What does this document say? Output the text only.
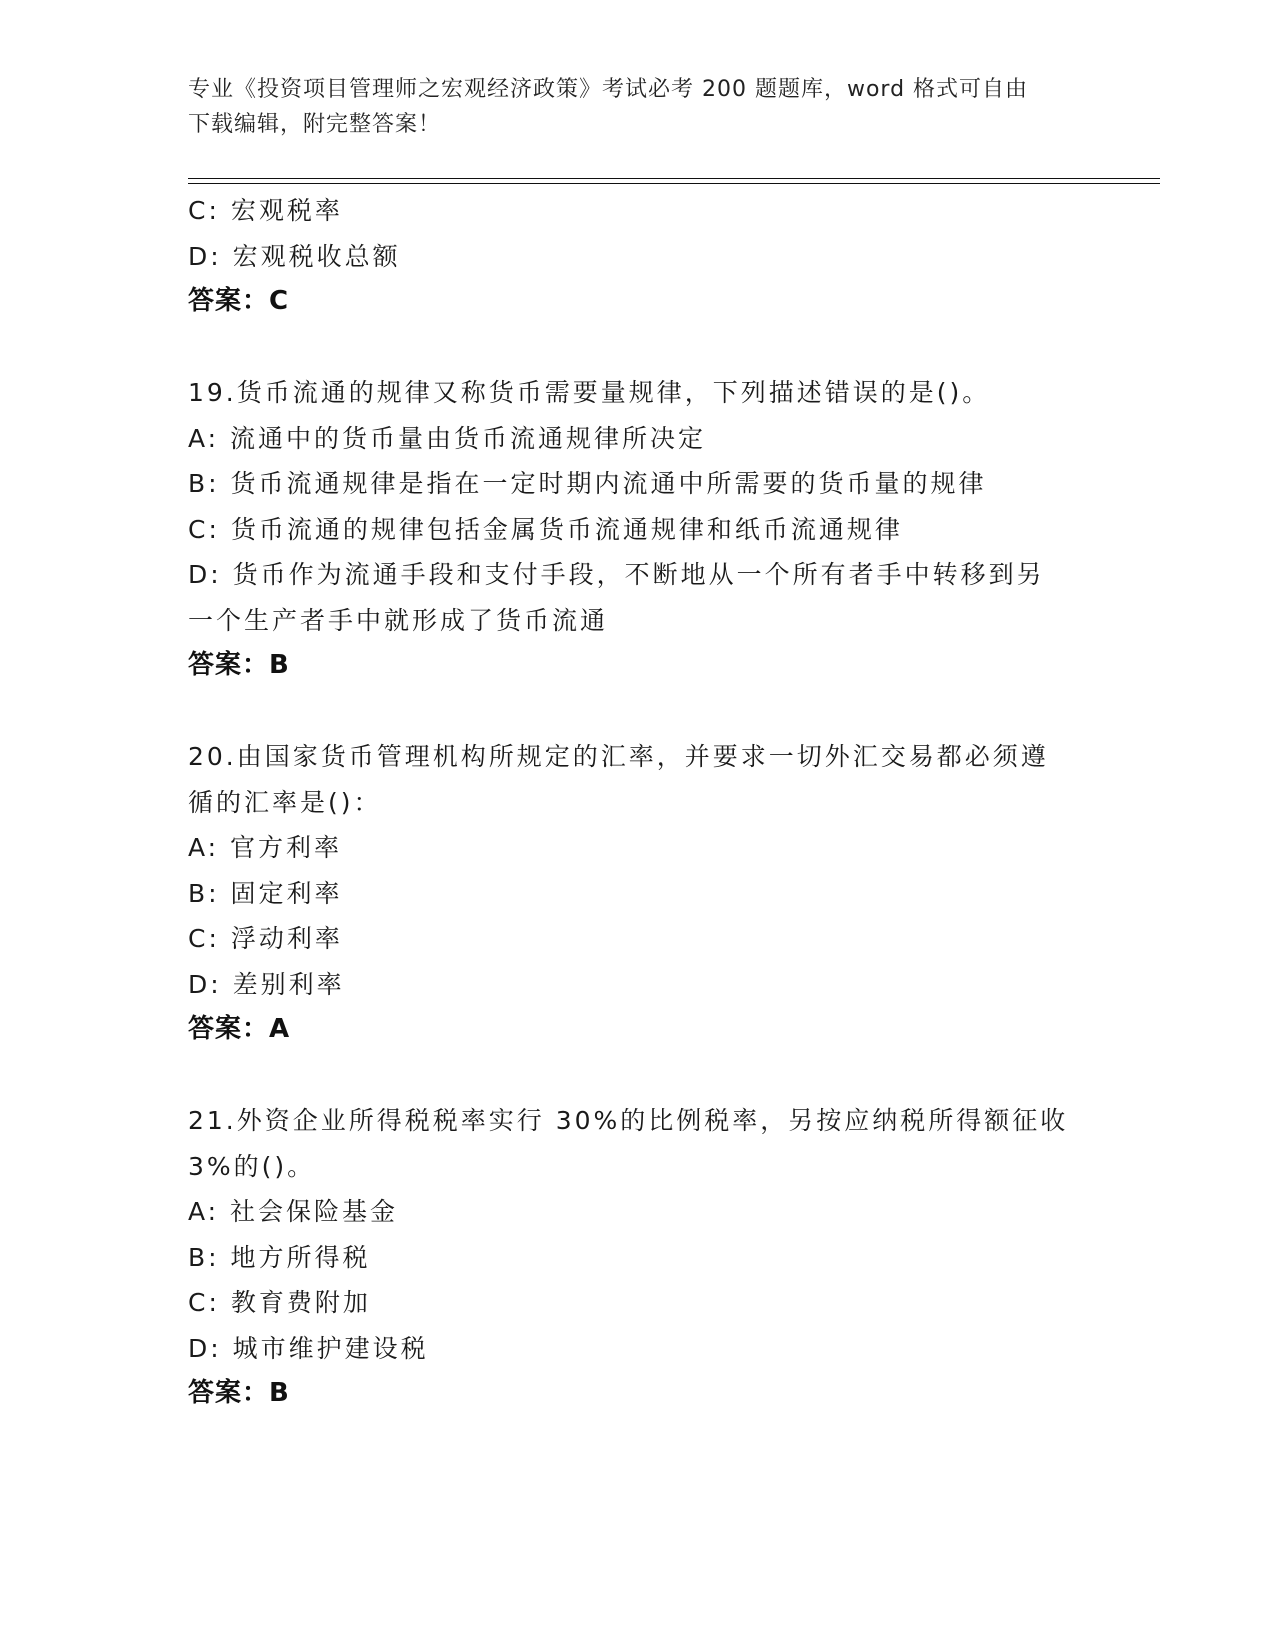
专业《投资项目管理师之宏观经济政策》考试必考 200 题题库，word 格式可自由
下载编辑，附完整答案！
C: 宏观税率
D: 宏观税收总额
答案：C
19.货币流通的规律又称货币需要量规律，下列描述错误的是()。
A: 流通中的货币量由货币流通规律所决定
B: 货币流通规律是指在一定时期内流通中所需要的货币量的规律
C: 货币流通的规律包括金属货币流通规律和纸币流通规律
D: 货币作为流通手段和支付手段，不断地从一个所有者手中转移到另
一个生产者手中就形成了货币流通
答案：B
20.由国家货币管理机构所规定的汇率，并要求一切外汇交易都必须遵
循的汇率是()：
A: 官方利率
B: 固定利率
C: 浮动利率
D: 差别利率
答案：A
21.外资企业所得税税率实行 30%的比例税率，另按应纳税所得额征收
3%的()。
A: 社会保险基金
B: 地方所得税
C: 教育费附加
D: 城市维护建设税
答案：B
